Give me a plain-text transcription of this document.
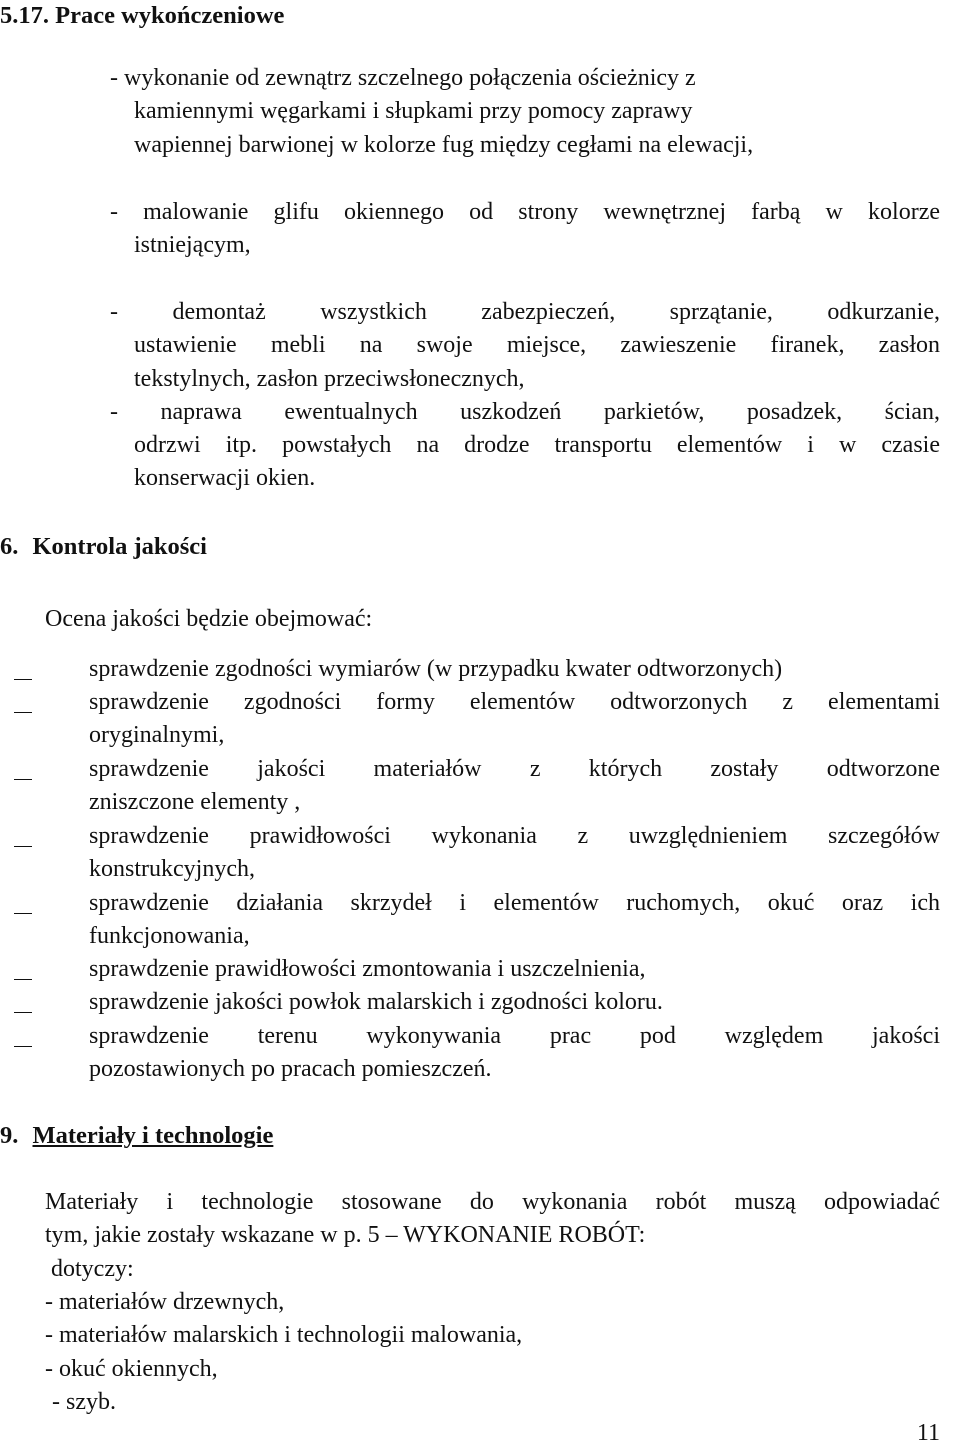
5.17. Prace wykończeniowe
- wykonanie od zewnątrz szczelnego połączenia ościeżnicy z
kamiennymi węgarkami i słupkami przy pomocy zaprawy
wapiennej barwionej w kolorze fug między cegłami na elewacji,
- malowanie glifu okiennego od strony wewnętrznej farbą w kolorze
istniejącym,
- demontaż wszystkich zabezpieczeń, sprzątanie, odkurzanie,
ustawienie mebli na swoje miejsce, zawieszenie firanek, zasłon
tekstylnych, zasłon przeciwsłonecznych,
- naprawa ewentualnych uszkodzeń parkietów, posadzek, ścian,
odrzwi itp. powstałych na drodze transportu elementów i w czasie
konserwacji okien.
6. Kontrola jakości
Ocena jakości będzie obejmować:
sprawdzenie zgodności wymiarów (w przypadku kwater odtworzonych)
sprawdzenie zgodności formy elementów odtworzonych z elementami
oryginalnymi,
sprawdzenie jakości materiałów z których zostały odtworzone
zniszczone elementy ,
sprawdzenie prawidłowości wykonania z uwzględnieniem szczegółów
konstrukcyjnych,
sprawdzenie działania skrzydeł i elementów ruchomych, okuć oraz ich
funkcjonowania,
sprawdzenie prawidłowości zmontowania i uszczelnienia,
sprawdzenie jakości powłok malarskich i zgodności koloru.
sprawdzenie terenu wykonywania prac pod względem jakości
pozostawionych po pracach pomieszczeń.
9. Materiały i technologie
Materiały i technologie stosowane do wykonania robót muszą odpowiadać
tym, jakie zostały wskazane w p. 5 – WYKONANIE ROBÓT:
dotyczy:
- materiałów drzewnych,
- materiałów malarskich i technologii malowania,
- okuć okiennych,
- szyb.
11
